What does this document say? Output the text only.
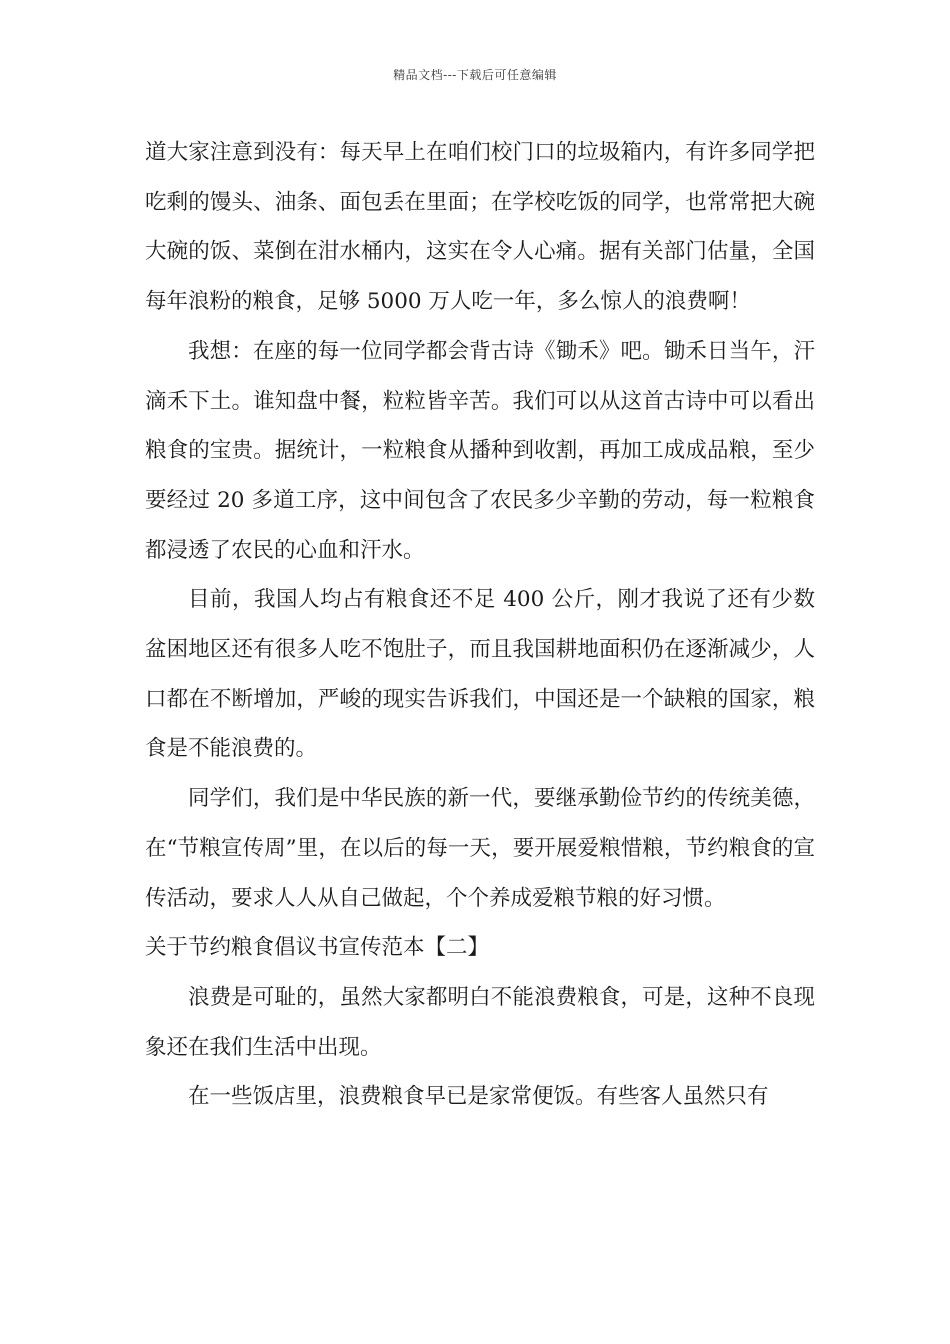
精品文档---下载后可任意编辑

道大家注意到没有：每天早上在咱们校门口的垃圾箱内，有许多同学把吃剩的馒头、油条、面包丢在里面；在学校吃饭的同学，也常常把大碗大碗的饭、菜倒在泔水桶内，这实在令人心痛。据有关部门估量，全国每年浪粉的粮食，足够 5000 万人吃一年，多么惊人的浪费啊！

我想：在座的每一位同学都会背古诗《锄禾》吧。锄禾日当午，汗滴禾下土。谁知盘中餐，粒粒皆辛苦。我们可以从这首古诗中可以看出粮食的宝贵。据统计，一粒粮食从播种到收割，再加工成成品粮，至少要经过 20 多道工序，这中间包含了农民多少辛勤的劳动，每一粒粮食都浸透了农民的心血和汗水。

目前，我国人均占有粮食还不足 400 公斤，刚才我说了还有少数盆困地区还有很多人吃不饱肚子，而且我国耕地面积仍在逐渐减少，人口都在不断增加，严峻的现实告诉我们，中国还是一个缺粮的国家，粮食是不能浪费的。

同学们，我们是中华民族的新一代，要继承勤俭节约的传统美德，在“节粮宣传周”里，在以后的每一天，要开展爱粮惜粮，节约粮食的宣传活动，要求人人从自己做起，个个养成爱粮节粮的好习惯。

关于节约粮食倡议书宣传范本【二】

浪费是可耻的，虽然大家都明白不能浪费粮食，可是，这种不良现象还在我们生活中出现。

在一些饭店里，浪费粮食早已是家常便饭。有些客人虽然只有
